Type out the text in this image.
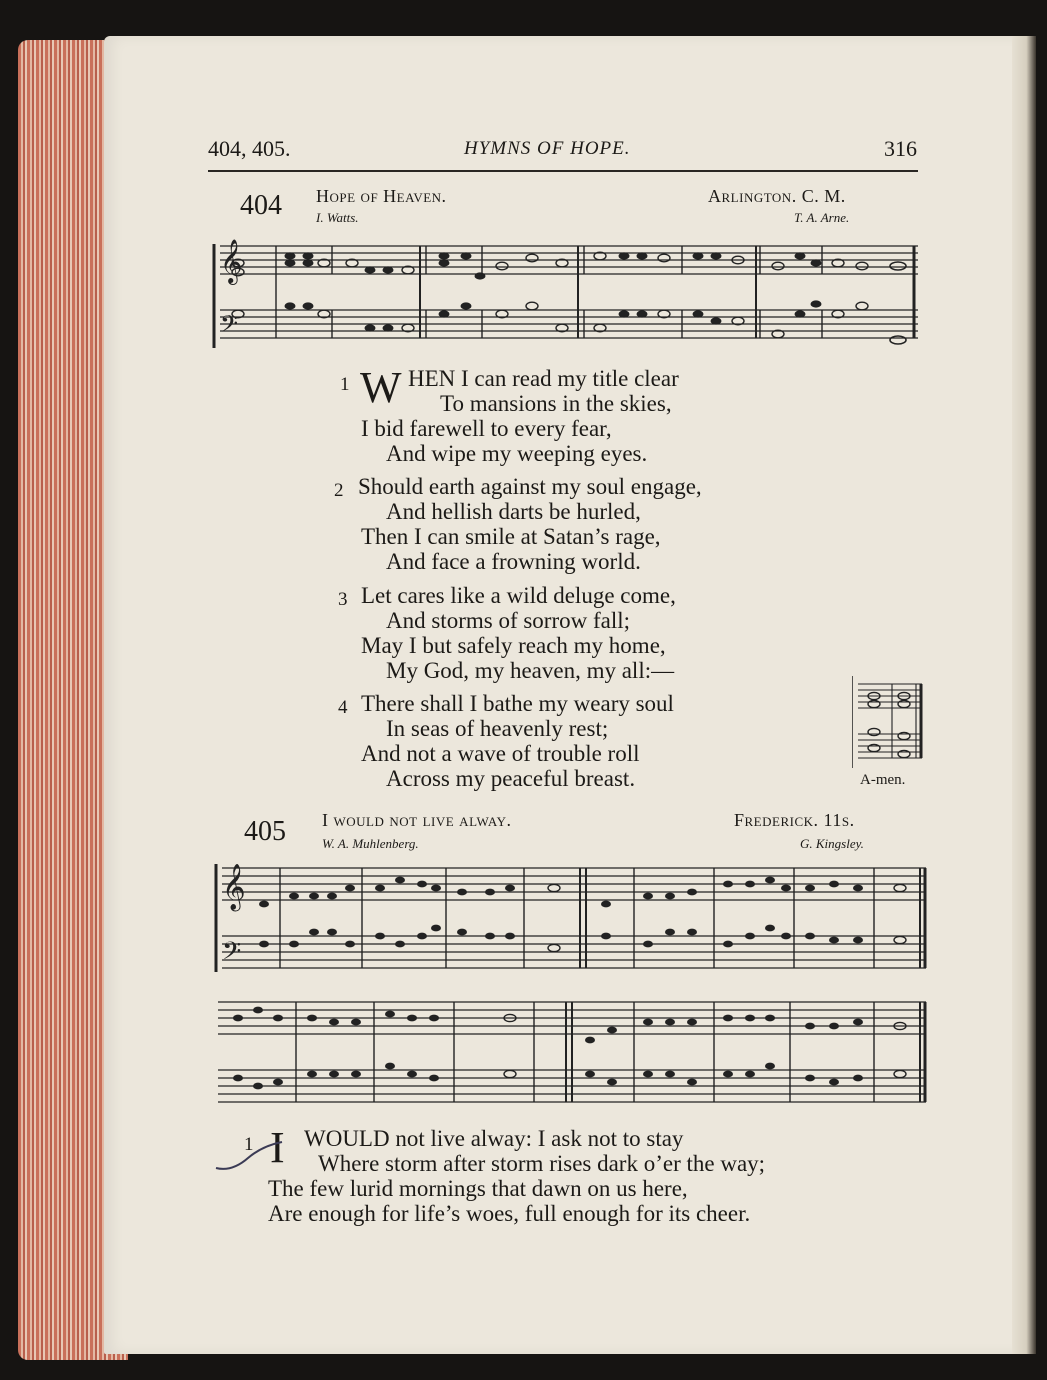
404, 405.	HYMNS OF HOPE.	316
404 Hope of Heaven.
I. Watts.
Arlington. C. M.
T. A. Arne.
𝄞
𝄢
1 W HEN I can read my title clear
To mansions in the skies,
I bid farewell to every fear,
And wipe my weeping eyes.
2 Should earth against my soul engage,
And hellish darts be hurled,
Then I can smile at Satan’s rage,
And face a frowning world.
3 Let cares like a wild deluge come,
And storms of sorrow fall;
May I but safely reach my home,
My God, my heaven, my all:—
4 There shall I bathe my weary soul
In seas of heavenly rest;
And not a wave of trouble roll
Across my peaceful breast.	A-men.
405 I would not live alway.
W. A. Muhlenberg.
Frederick. 11s.
G. Kingsley.
𝄞
𝄢
1 I WOULD not live alway: I ask not to stay
Where storm after storm rises dark o’er the way;
The few lurid mornings that dawn on us here,
Are enough for life’s woes, full enough for its cheer.
